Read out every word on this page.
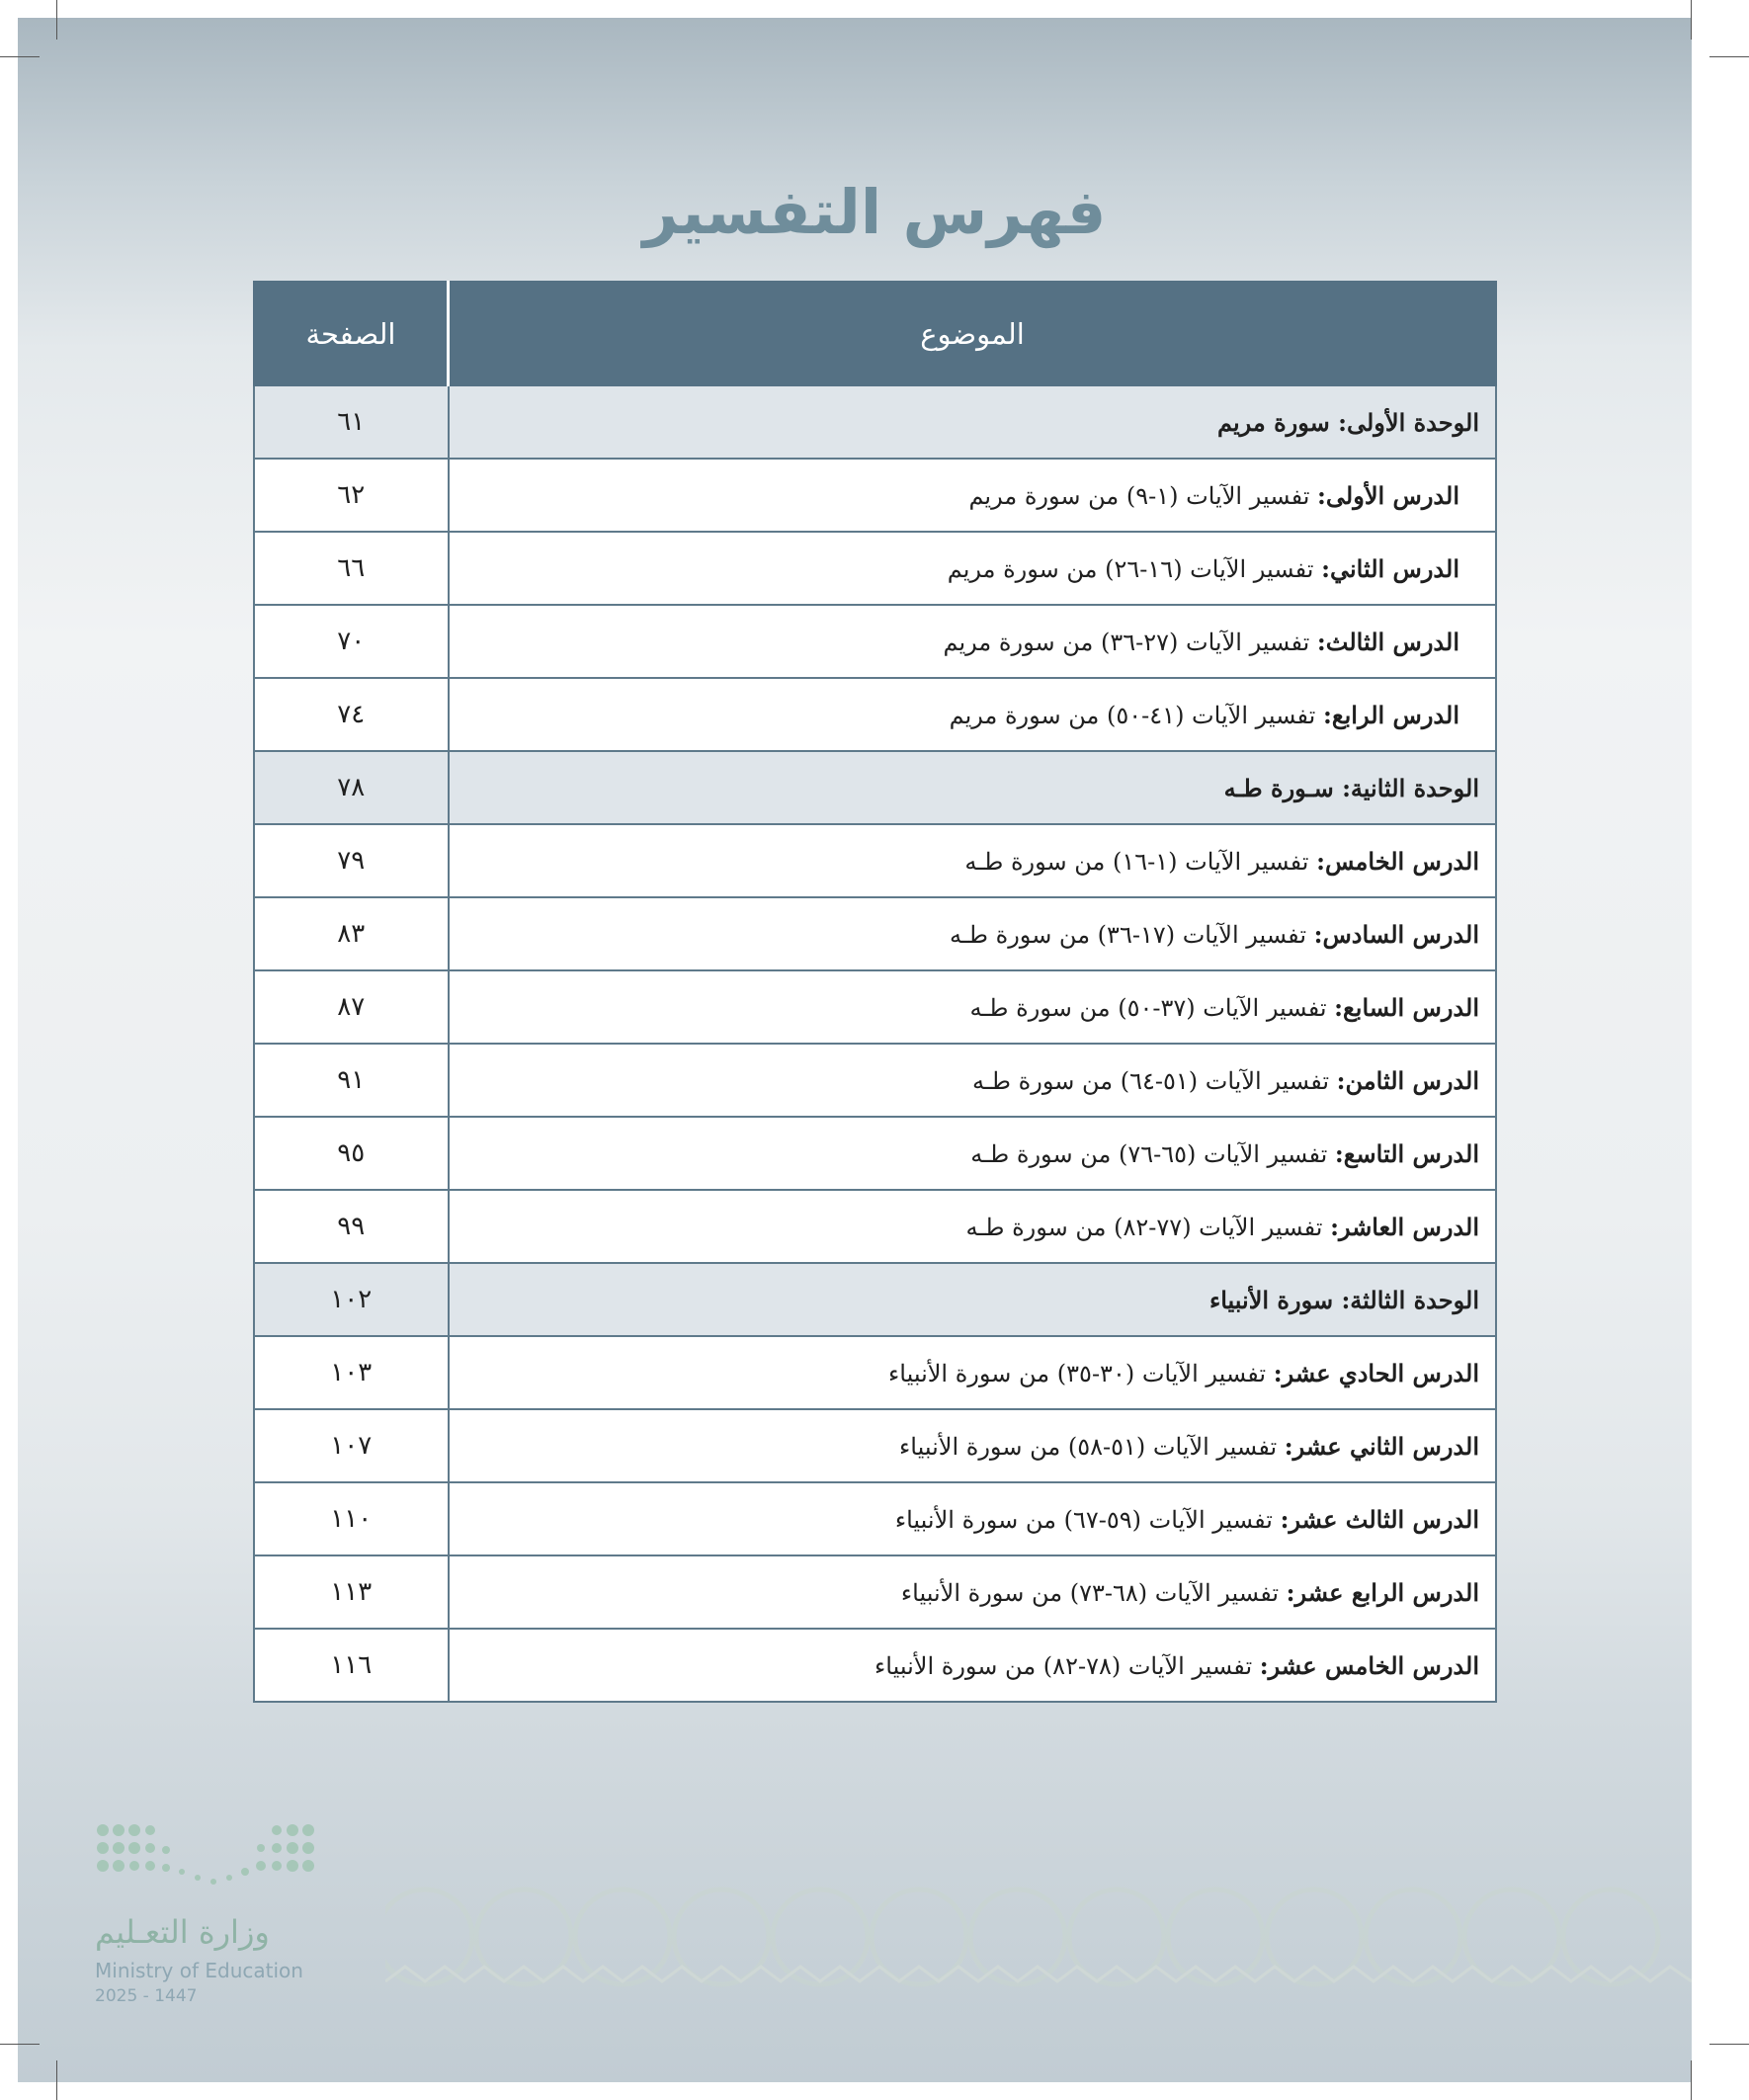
فهرس التفسير
الموضوع	الصفحة
الوحدة الأولى: سورة مريم	٦١
الدرس الأولى: تفسير الآيات (١-٩) من سورة مريم	٦٢
الدرس الثاني: تفسير الآيات (١٦-٢٦) من سورة مريم	٦٦
الدرس الثالث: تفسير الآيات (٢٧-٣٦) من سورة مريم	٧٠
الدرس الرابع: تفسير الآيات (٤١-٥٠) من سورة مريم	٧٤
الوحدة الثانية: سـورة طـه	٧٨
الدرس الخامس: تفسير الآيات (١-١٦) من سورة طـه	٧٩
الدرس السادس: تفسير الآيات (١٧-٣٦) من سورة طـه	٨٣
الدرس السابع: تفسير الآيات (٣٧-٥٠) من سورة طـه	٨٧
الدرس الثامن: تفسير الآيات (٥١-٦٤) من سورة طـه	٩١
الدرس التاسع: تفسير الآيات (٦٥-٧٦) من سورة طـه	٩٥
الدرس العاشر: تفسير الآيات (٧٧-٨٢) من سورة طـه	٩٩
الوحدة الثالثة: سورة الأنبياء	١٠٢
الدرس الحادي عشر: تفسير الآيات (٣٠-٣٥) من سورة الأنبياء	١٠٣
الدرس الثاني عشر: تفسير الآيات (٥١-٥٨) من سورة الأنبياء	١٠٧
الدرس الثالث عشر: تفسير الآيات (٥٩-٦٧) من سورة الأنبياء	١١٠
الدرس الرابع عشر: تفسير الآيات (٦٨-٧٣) من سورة الأنبياء	١١٣
الدرس الخامس عشر: تفسير الآيات (٧٨-٨٢) من سورة الأنبياء	١١٦
وزارة التعـليم
Ministry of Education
2025 - 1447
